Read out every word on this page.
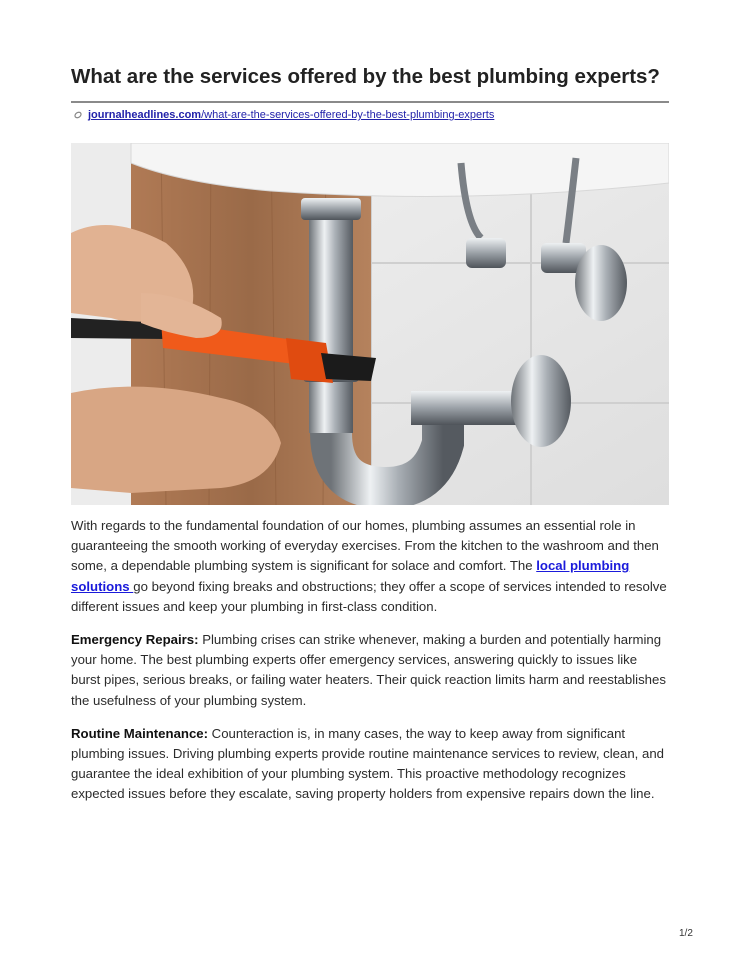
What are the services offered by the best plumbing experts?
journalheadlines.com/what-are-the-services-offered-by-the-best-plumbing-experts

With regards to the fundamental foundation of our homes, plumbing assumes an essential role in guaranteeing the smooth working of everyday exercises. From the kitchen to the washroom and then some, a dependable plumbing system is significant for solace and comfort. The local plumbing solutions go beyond fixing breaks and obstructions; they offer a scope of services intended to resolve different issues and keep your plumbing in first-class condition.

Emergency Repairs: Plumbing crises can strike whenever, making a burden and potentially harming your home. The best plumbing experts offer emergency services, answering quickly to issues like burst pipes, serious breaks, or failing water heaters. Their quick reaction limits harm and reestablishes the usefulness of your plumbing system.

Routine Maintenance: Counteraction is, in many cases, the way to keep away from significant plumbing issues. Driving plumbing experts provide routine maintenance services to review, clean, and guarantee the ideal exhibition of your plumbing system. This proactive methodology recognizes expected issues before they escalate, saving property holders from expensive repairs down the line.

1/2
